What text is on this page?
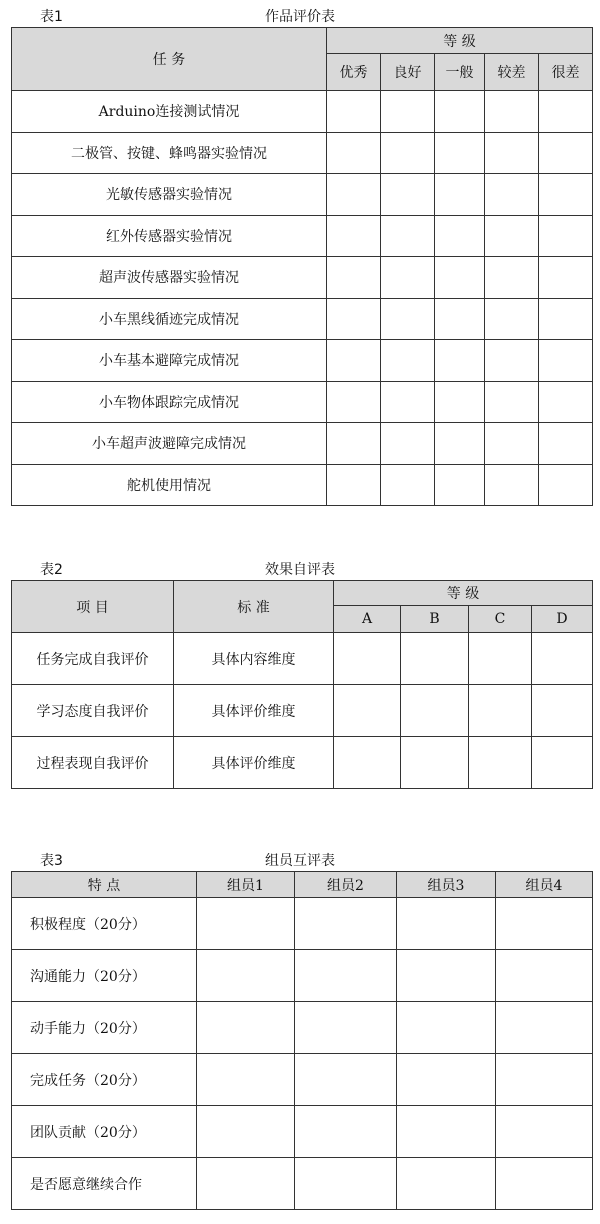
表1	作品评价表
任 务	等 级				
	优秀	良好	一般	较差	很差
Arduino连接测试情况					
二极管、按键、蜂鸣器实验情况					
光敏传感器实验情况					
红外传感器实验情况					
超声波传感器实验情况					
小车黑线循迹完成情况					
小车基本避障完成情况					
小车物体跟踪完成情况					
小车超声波避障完成情况					
舵机使用情况					
表2	效果自评表
项 目	标 准	等 级			
		A	B	C	D
任务完成自我评价	具体内容维度				
学习态度自我评价	具体评价维度				
过程表现自我评价	具体评价维度				
表3	组员互评表
特 点	组员1	组员2	组员3	组员4
积极程度（20分）				
沟通能力（20分）				
动手能力（20分）				
完成任务（20分）				
团队贡献（20分）				
是否愿意继续合作				
